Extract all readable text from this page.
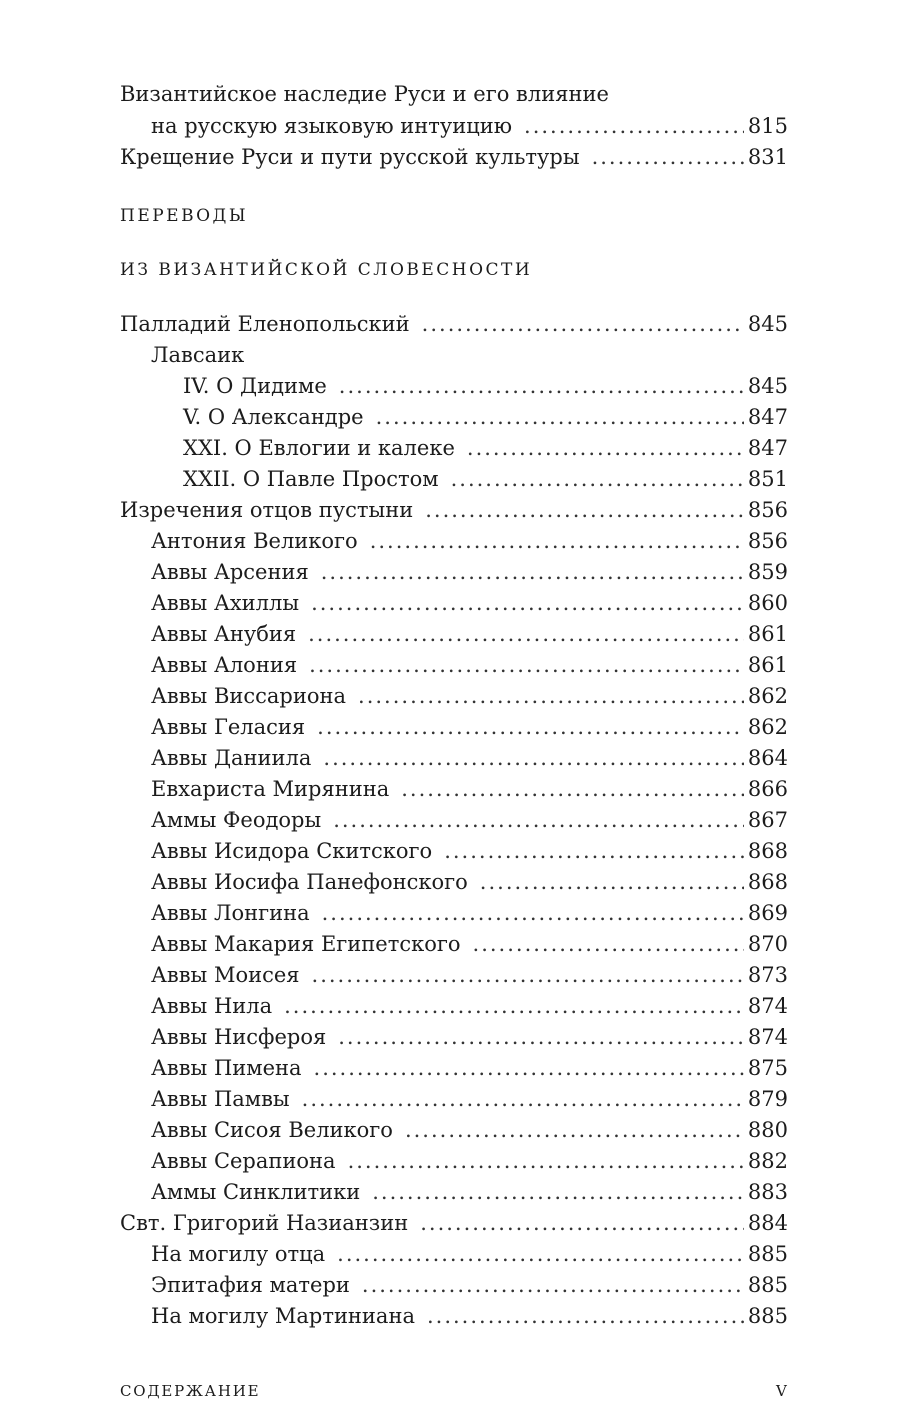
Византийское наследие Руси и его влияние
на русскую языковую интуицию .....	815
Крещение Руси и пути русской культуры .....	831
ПЕРЕВОДЫ
ИЗ ВИЗАНТИЙСКОЙ СЛОВЕСНОСТИ
Палладий Еленопольский .....	845
Лавсаик
IV. О Дидиме .....	845
V. О Александре .....	847
XXI. О Евлогии и калеке .....	847
XXII. О Павле Простом .....	851
Изречения отцов пустыни .....	856
Антония Великого .....	856
Аввы Арсения .....	859
Аввы Ахиллы .....	860
Аввы Анубия .....	861
Аввы Алония .....	861
Аввы Виссариона .....	862
Аввы Геласия .....	862
Аввы Даниила .....	864
Евхариста Мирянина .....	866
Аммы Феодоры .....	867
Аввы Исидора Скитского .....	868
Аввы Иосифа Панефонского .....	868
Аввы Лонгина .....	869
Аввы Макария Египетского .....	870
Аввы Моисея .....	873
Аввы Нила .....	874
Аввы Нисфероя .....	874
Аввы Пимена .....	875
Аввы Памвы .....	879
Аввы Сисоя Великого .....	880
Аввы Серапиона .....	882
Аммы Синклитики .....	883
Свт. Григорий Назианзин .....	884
На могилу отца .....	885
Эпитафия матери .....	885
На могилу Мартиниана .....	885
СОДЕРЖАНИЕ	V
